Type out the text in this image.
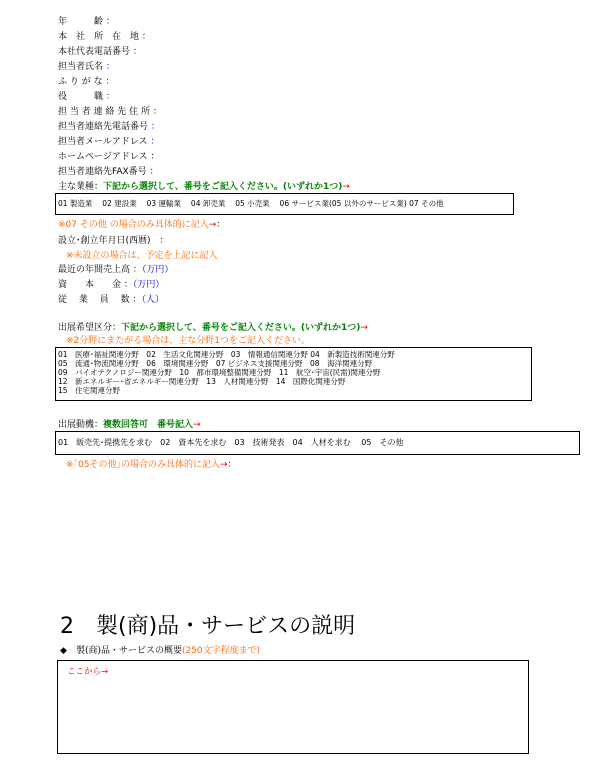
年　　　齢 ：
本　社　所　在　地 ：
本社代表電話番号 ：
担当者氏名 ：
ふ り が な ：
役　　　職 ：
担 当 者 連 絡 先 住 所 ：
担当者連絡先電話番号 ：
担当者メールアドレス ：
ホームページアドレス ：
担当者連絡先FAX番号 ：
主な業種：下記から選択して、番号をご記入ください。(いずれか1つ)→
01 製造業　 02 建設業　 03 運輸業　 04 卸売業　 05 小売業　 06 サービス業(05 以外のサービス業) 07 その他
※07 その他 の場合のみ具体的に記入→：
設立･創立年月日(西暦)　：
※未設立の場合は、予定を上記に記入
最近の年間売上高 ：（万円）
資　　本　　金 ：（万円）
従　 業　 員　 数 ：（人）
出展希望区分：下記から選択して、番号をご記入ください。(いずれか1つ)→
※2分野にまたがる場合は、主な分野1つをご記入ください。
01　医療･福祉関連分野　02　生活文化関連分野　03　情報通信関連分野 04　新製造技術関連分野
05　流通･物流関連分野　06　環境関連分野　07 ビジネス支援関連分野　08　海洋関連分野
09　バイオテクノロジー関連分野　10　都市環境整備関連分野　11　航空･宇宙(民需)関連分野
12　新エネルギー･省エネルギー関連分野　13　人材関連分野　14　国際化関連分野
15　住宅関連分野
出展動機：複数回答可　番号記入→
01　販売先･提携先を求む　02　資本先を求む　03　技術発表　04　人材を求む　 05　その他
※｢05その他｣の場合のみ具体的に記入→：
2　製(商)品・サービスの説明
◆　 製(商)品・サービスの概要(250文字程度まで)
ここから→
